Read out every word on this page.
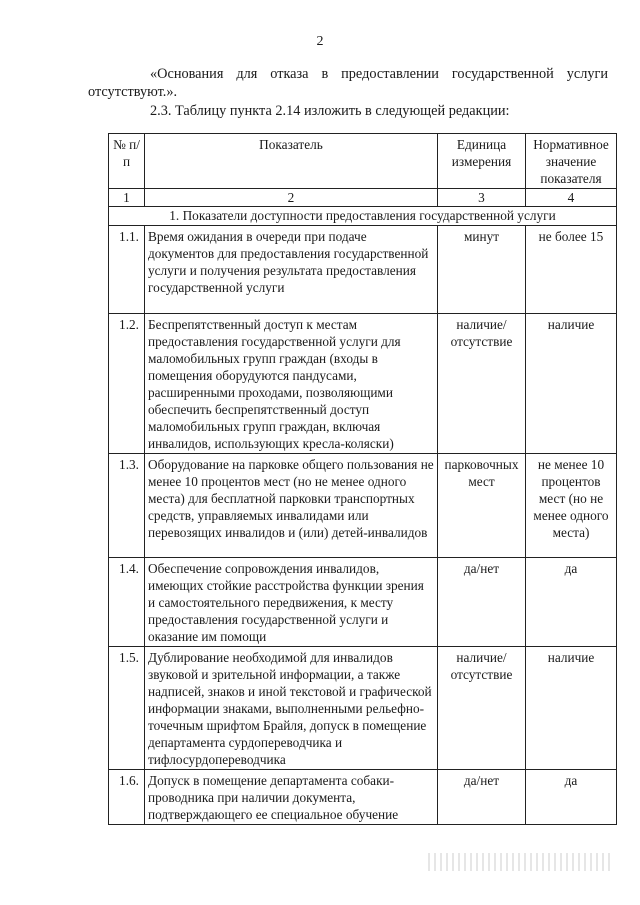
2
«Основания для отказа в предоставлении государственной услуги
отсутствуют.».
2.3. Таблицу пункта 2.14 изложить в следующей редакции:
№ п/п	Показатель	Единица измерения	Нормативное значение показателя
1	2	3	4
1. Показатели доступности предоставления государственной услуги			
1.1.	Время ожидания в очереди при подаче документов для предоставления государственной услуги и получения результата предоставления государственной услуги	минут	не более 15
1.2.	Беспрепятственный доступ к местам предоставления государственной услуги для маломобильных групп граждан (входы в помещения оборудуются пандусами, расширенными проходами, позволяющими обеспечить беспрепятственный доступ маломобильных групп граждан, включая инвалидов, использующих кресла-коляски)	наличие/ отсутствие	наличие
1.3.	Оборудование на парковке общего пользования не менее 10 процентов мест (но не менее одного места) для бесплатной парковки транспортных средств, управляемых инвалидами или перевозящих инвалидов и (или) детей-инвалидов	парковочных мест	не менее 10 процентов мест (но не менее одного места)
1.4.	Обеспечение сопровождения инвалидов, имеющих стойкие расстройства функции зрения и самостоятельного передвижения, к месту предоставления государственной услуги и оказание им помощи	да/нет	да
1.5.	Дублирование необходимой для инвалидов звуковой и зрительной информации, а также надписей, знаков и иной текстовой и графической информации знаками, выполненными рельефно-точечным шрифтом Брайля, допуск в помещение департамента сурдопереводчика и тифлосурдопереводчика	наличие/ отсутствие	наличие
1.6.	Допуск в помещение департамента собаки-проводника при наличии документа, подтверждающего ее специальное обучение	да/нет	да
